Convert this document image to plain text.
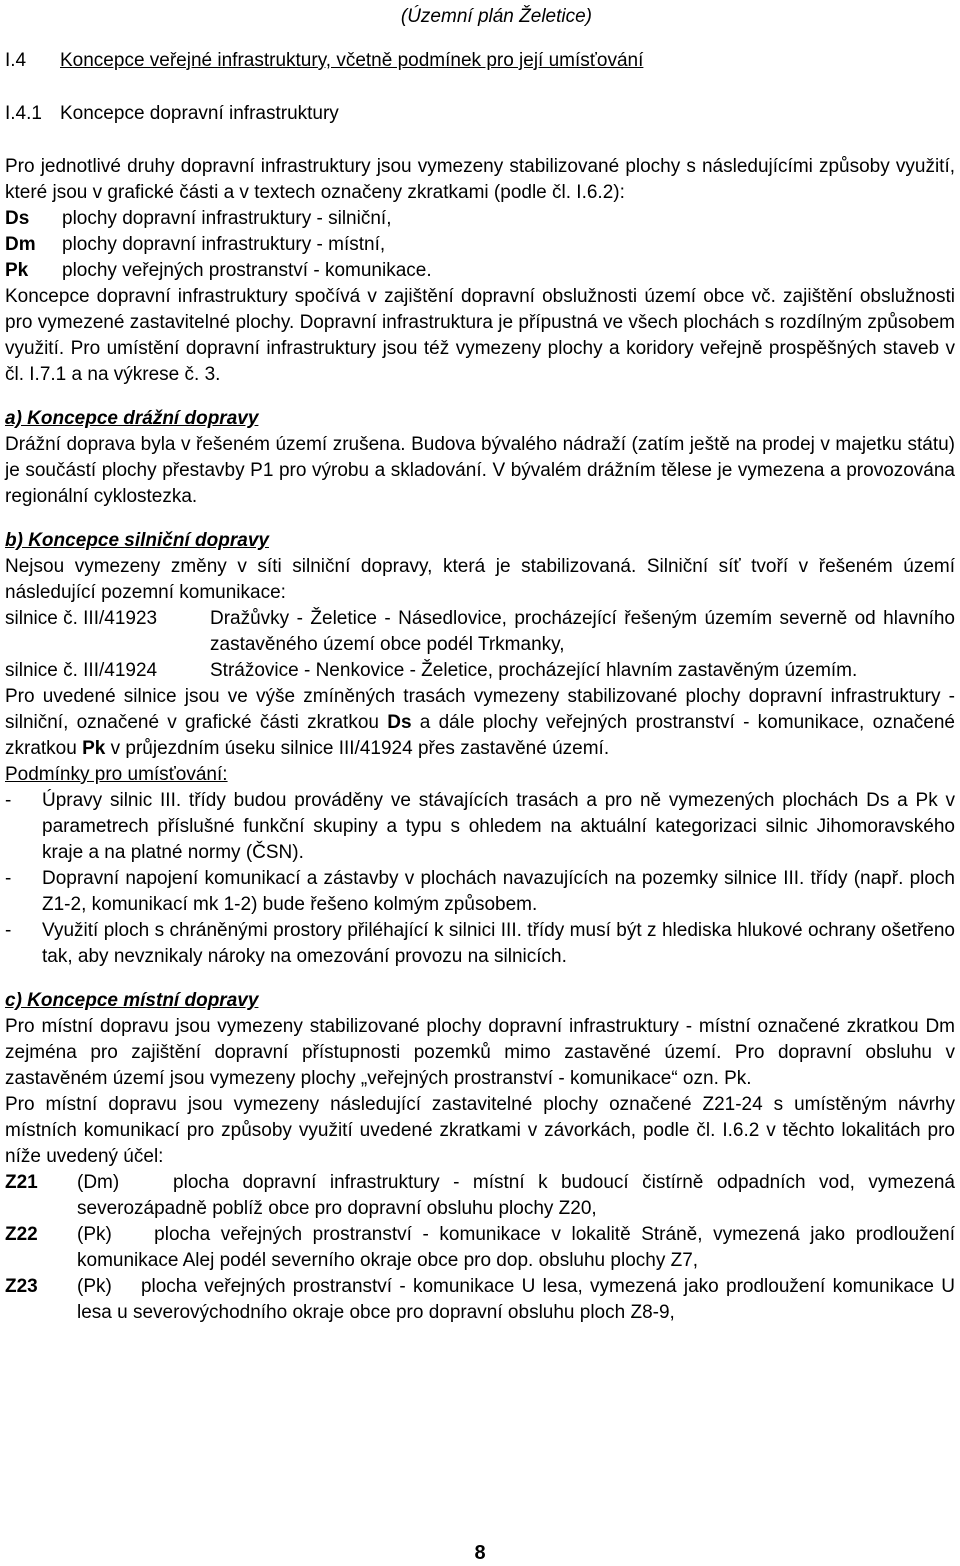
(Územní plán Želetice)
I.4 Koncepce veřejné infrastruktury, včetně podmínek pro její umísťování
I.4.1 Koncepce dopravní infrastruktury

Pro jednotlivé druhy dopravní infrastruktury jsou vymezeny stabilizované plochy s následujícími způsoby využití, které jsou v grafické části a v textech označeny zkratkami (podle čl. I.6.2):

Ds	plochy dopravní infrastruktury - silniční,
Dm	plochy dopravní infrastruktury - místní,
Pk	plochy veřejných prostranství - komunikace.

Koncepce dopravní infrastruktury spočívá v zajištění dopravní obslužnosti území obce vč. zajištění obslužnosti pro vymezené zastavitelné plochy. Dopravní infrastruktura je přípustná ve všech plochách s rozdílným způsobem využití. Pro umístění dopravní infrastruktury jsou též vymezeny plochy a koridory veřejně prospěšných staveb v čl. I.7.1 a na výkrese č. 3.

a) Koncepce drážní dopravy

Drážní doprava byla v řešeném území zrušena. Budova bývalého nádraží (zatím ještě na prodej v majetku státu) je součástí plochy přestavby P1 pro výrobu a skladování. V bývalém drážním tělese je vymezena a provozována regionální cyklostezka.

b) Koncepce silniční dopravy

Nejsou vymezeny změny v síti silniční dopravy, která je stabilizovaná. Silniční síť tvoří v řešeném území následující pozemní komunikace:

silnice č. III/41923	Dražůvky - Želetice - Násedlovice, procházející řešeným územím severně od hlavního zastavěného území obce podél Trkmanky,
silnice č. III/41924	Strážovice - Nenkovice - Želetice, procházející hlavním zastavěným územím.

Pro uvedené silnice jsou ve výše zmíněných trasách vymezeny stabilizované plochy dopravní infrastruktury - silniční, označené v grafické části zkratkou Ds a dále plochy veřejných prostranství - komunikace, označené zkratkou Pk v průjezdním úseku silnice III/41924 přes zastavěné území.

Podmínky pro umísťování:
-	Úpravy silnic III. třídy budou prováděny ve stávajících trasách a pro ně vymezených plochách Ds a Pk v parametrech příslušné funkční skupiny a typu s ohledem na aktuální kategorizaci silnic Jihomoravského kraje a na platné normy (ČSN).
-	Dopravní napojení komunikací a zástavby v plochách navazujících na pozemky silnice III. třídy (např. ploch Z1-2, komunikací mk 1-2) bude řešeno kolmým způsobem.
-	Využití ploch s chráněnými prostory přiléhající k silnici III. třídy musí být z hlediska hlukové ochrany ošetřeno tak, aby nevznikaly nároky na omezování provozu na silnicích.
c) Koncepce místní dopravy

Pro místní dopravu jsou vymezeny stabilizované plochy dopravní infrastruktury - místní označené zkratkou Dm zejména pro zajištění dopravní přístupnosti pozemků mimo zastavěné území. Pro dopravní obsluhu v zastavěném území jsou vymezeny plochy „veřejných prostranství - komunikace“ ozn. Pk.

Pro místní dopravu jsou vymezeny následující zastavitelné plochy označené Z21-24 s umístěným návrhy místních komunikací pro způsoby využití uvedené zkratkami v závorkách, podle čl. I.6.2 v těchto lokalitách pro níže uvedený účel:

Z21	(Dm)    plocha dopravní infrastruktury - místní k budoucí čistírně odpadních vod, vymezená severozápadně poblíž obce pro dopravní obsluhu plochy Z20,
Z22	(Pk)    plocha veřejných prostranství - komunikace v lokalitě Stráně, vymezená jako prodloužení komunikace Alej podél severního okraje obce pro dop. obsluhu plochy Z7,
Z23	(Pk)    plocha veřejných prostranství - komunikace U lesa, vymezená jako prodloužení komunikace U lesa u severovýchodního okraje obce pro dopravní obsluhu ploch Z8-9,
8
